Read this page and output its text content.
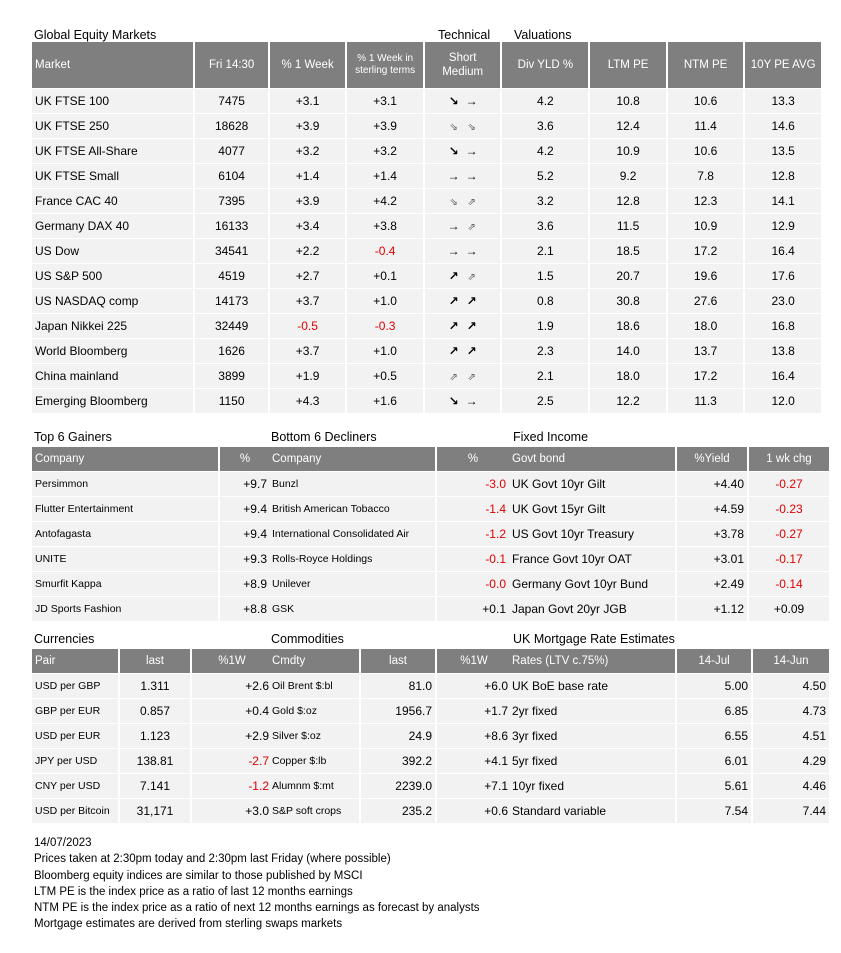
Global Equity Markets	Technical Valuations
Market	Fri 14:30	% 1 Week	% 1 Week in sterling terms	Short Medium	Div YLD %	LTM PE	NTM PE	10Y PE AVG
UK FTSE 100	7475	+3.1	+3.1	↘ →	4.2	10.8	10.6	13.3
UK FTSE 250	18628	+3.9	+3.9	⇘ ⇘	3.6	12.4	11.4	14.6
UK FTSE All-Share	4077	+3.2	+3.2	↘ →	4.2	10.9	10.6	13.5
UK FTSE Small	6104	+1.4	+1.4	→ →	5.2	9.2	7.8	12.8
France CAC 40	7395	+3.9	+4.2	⇘ ⇗	3.2	12.8	12.3	14.1
Germany DAX 40	16133	+3.4	+3.8	→ ⇗	3.6	11.5	10.9	12.9
US Dow	34541	+2.2	-0.4	→ →	2.1	18.5	17.2	16.4
US S&P 500	4519	+2.7	+0.1	↗ ⇗	1.5	20.7	19.6	17.6
US NASDAQ comp	14173	+3.7	+1.0	↗ ↗	0.8	30.8	27.6	23.0
Japan Nikkei 225	32449	-0.5	-0.3	↗ ↗	1.9	18.6	18.0	16.8
World Bloomberg	1626	+3.7	+1.0	↗ ↗	2.3	14.0	13.7	13.8
China mainland	3899	+1.9	+0.5	⇗ ⇗	2.1	18.0	17.2	16.4
Emerging Bloomberg	1150	+4.3	+1.6	↘ →	2.5	12.2	11.3	12.0
Top 6 Gainers
Company	%
Persimmon	+9.7
Flutter Entertainment	+9.4
Antofagasta	+9.4
UNITE	+9.3
Smurfit Kappa	+8.9
JD Sports Fashion	+8.8
Bottom 6 Decliners
Company	%
Bunzl	-3.0
British American Tobacco	-1.4
International Consolidated Air	-1.2
Rolls-Royce Holdings	-0.1
Unilever	-0.0
GSK	+0.1
Fixed Income
Govt bond	%Yield	1 wk chg
UK Govt 10yr Gilt	+4.40	-0.27
UK Govt 15yr Gilt	+4.59	-0.23
US Govt 10yr Treasury	+3.78	-0.27
France Govt 10yr OAT	+3.01	-0.17
Germany Govt 10yr Bund	+2.49	-0.14
Japan Govt 20yr JGB	+1.12	+0.09
Currencies
Pair	last	%1W
USD per GBP	1.311	+2.6
GBP per EUR	0.857	+0.4
USD per EUR	1.123	+2.9
JPY per USD	138.81	-2.7
CNY per USD	7.141	-1.2
USD per Bitcoin	31,171	+3.0
Commodities
Cmdty	last	%1W
Oil Brent $:bl	81.0	+6.0
Gold $:oz	1956.7	+1.7
Silver $:oz	24.9	+8.6
Copper $:lb	392.2	+4.1
Alumnm $:mt	2239.0	+7.1
S&P soft crops	235.2	+0.6
UK Mortgage Rate Estimates
Rates (LTV c.75%)	14-Jul	14-Jun
UK BoE base rate	5.00	4.50
2yr fixed	6.85	4.73
3yr fixed	6.55	4.51
5yr fixed	6.01	4.29
10yr fixed	5.61	4.46
Standard variable	7.54	7.44
14/07/2023
Prices taken at 2:30pm today and 2:30pm last Friday (where possible)
Bloomberg equity indices are similar to those published by MSCI
LTM PE is the index price as a ratio of last 12 months earnings
NTM PE is the index price as a ratio of next 12 months earnings as forecast by analysts
Mortgage estimates are derived from sterling swaps markets
